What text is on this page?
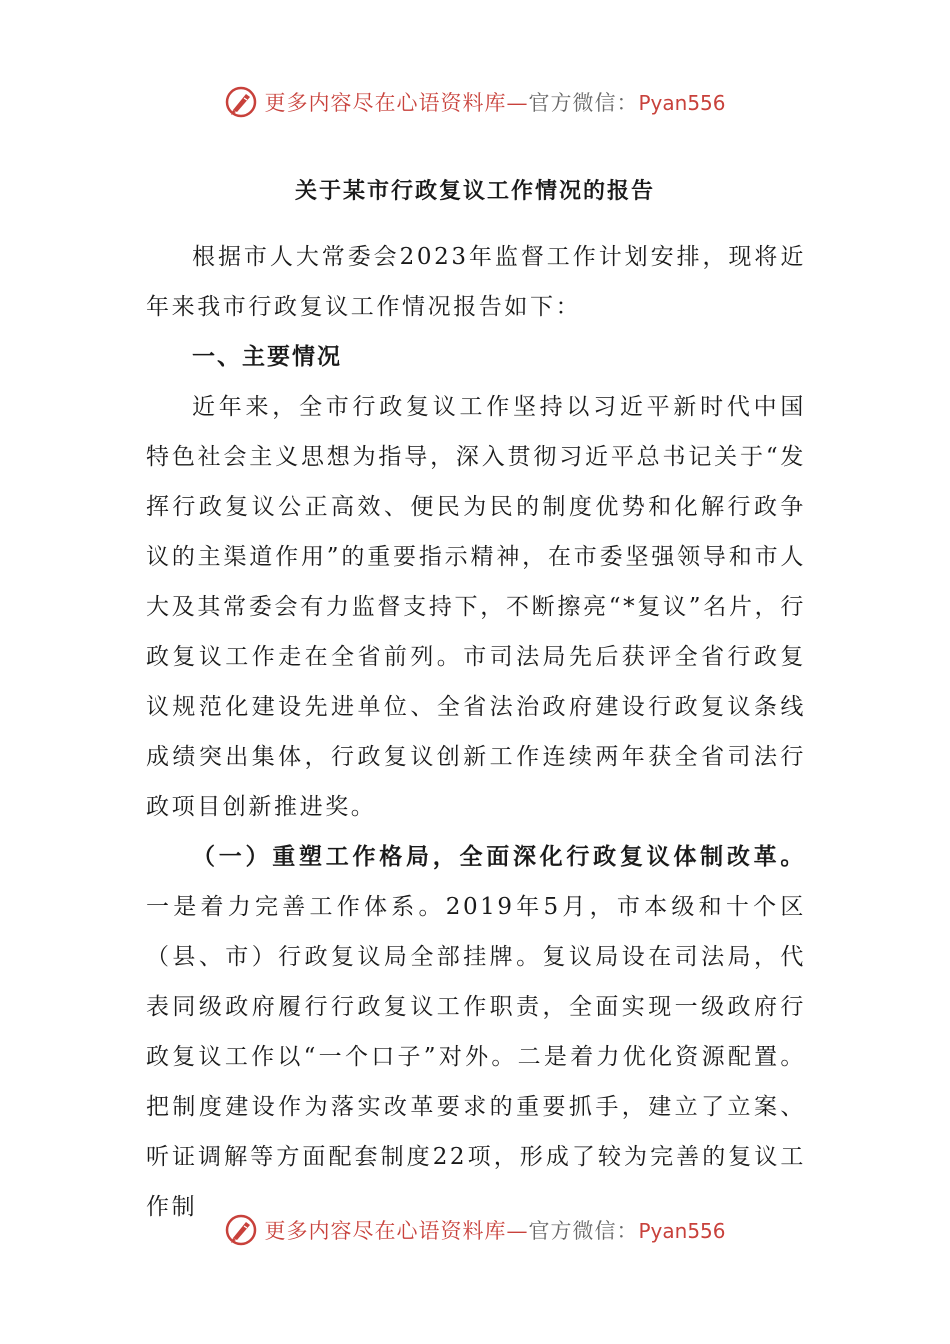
更多内容尽在心语资料库—官方微信：Pyan556
关于某市行政复议工作情况的报告

根据市人大常委会2023年监督工作计划安排，现将近年来我市行政复议工作情况报告如下：

一、主要情况

近年来，全市行政复议工作坚持以习近平新时代中国特色社会主义思想为指导，深入贯彻习近平总书记关于“发挥行政复议公正高效、便民为民的制度优势和化解行政争议的主渠道作用”的重要指示精神，在市委坚强领导和市人大及其常委会有力监督支持下，不断擦亮“*复议”名片，行政复议工作走在全省前列。市司法局先后获评全省行政复议规范化建设先进单位、全省法治政府建设行政复议条线成绩突出集体，行政复议创新工作连续两年获全省司法行政项目创新推进奖。

（一）重塑工作格局，全面深化行政复议体制改革。一是着力完善工作体系。2019年5月，市本级和十个区（县、市）行政复议局全部挂牌。复议局设在司法局，代表同级政府履行行政复议工作职责，全面实现一级政府行政复议工作以“一个口子”对外。二是着力优化资源配置。把制度建设作为落实改革要求的重要抓手，建立了立案、听证调解等方面配套制度22项，形成了较为完善的复议工作制

更多内容尽在心语资料库—官方微信：Pyan556
